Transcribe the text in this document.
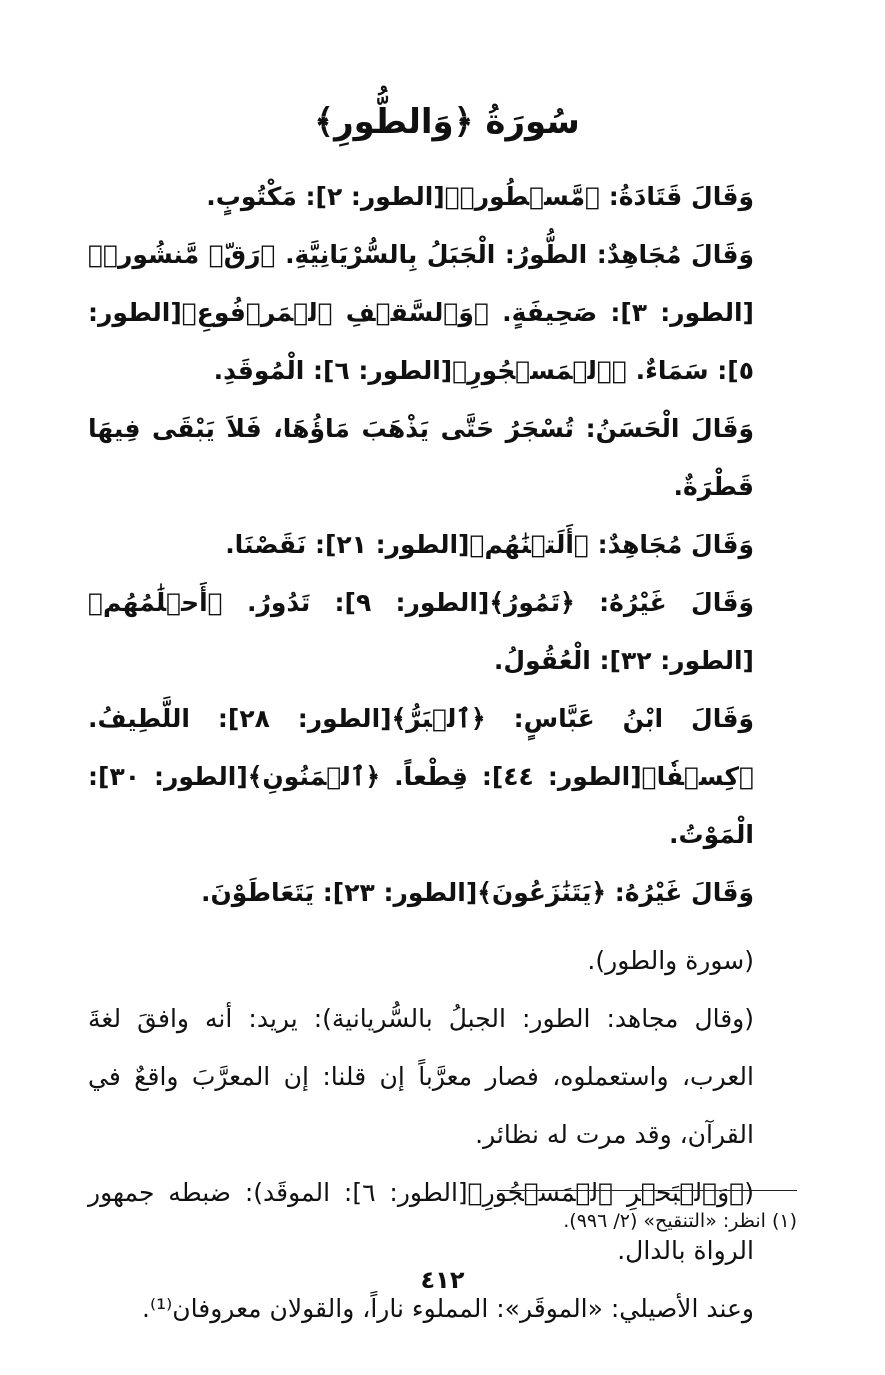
سُورَةُ ﴿وَالطُّورِ﴾

وَقَالَ قَتَادَةُ: ﴿مَّسۡطُورٖ﴾[الطور: ٢]: مَكْتُوبٍ.

وَقَالَ مُجَاهِدٌ: الطُّورُ: الْجَبَلُ بِالسُّرْيَانِيَّةِ. ﴿رَقّٖ مَّنشُورٖ﴾[الطور: ٣]: صَحِيفَةٍ. ﴿وَٱلسَّقۡفِ ٱلۡمَرۡفُوعِ﴾[الطور: ٥]: سَمَاءٌ. ﴿ٱلۡمَسۡجُورِ﴾[الطور: ٦]: الْمُوقَدِ.

وَقَالَ الْحَسَنُ: تُسْجَرُ حَتَّى يَذْهَبَ مَاؤُهَا، فَلاَ يَبْقَى فِيهَا قَطْرَةٌ.

وَقَالَ مُجَاهِدٌ: ﴿أَلَتۡنَٰهُم﴾[الطور: ٢١]: نَقَصْنَا.

وَقَالَ غَيْرُهُ: ﴿تَمُورُ﴾[الطور: ٩]: تَدُورُ. ﴿أَحۡلَٰمُهُم﴾[الطور: ٣٢]: الْعُقُولُ.

وَقَالَ ابْنُ عَبَّاسٍ: ﴿ٱلۡبَرُّ﴾[الطور: ٢٨]: اللَّطِيفُ. ﴿كِسۡفٗا﴾[الطور: ٤٤]: قِطْعاً. ﴿ٱلۡمَنُونِ﴾[الطور: ٣٠]: الْمَوْتُ.

وَقَالَ غَيْرُهُ: ﴿يَتَنَٰزَعُونَ﴾[الطور: ٢٣]: يَتَعَاطَوْنَ.

(سورة والطور).

(وقال مجاهد: الطور: الجبلُ بالسُّريانية): يريد: أنه وافقَ لغةَ العرب، واستعملوه، فصار معرَّباً إن قلنا: إن المعرَّبَ واقعٌ في القرآن، وقد مرت له نظائر.

(﴿وَٱلۡبَحۡرِ ٱلۡمَسۡجُورِ﴾[الطور: ٦]: الموقَد): ضبطه جمهور الرواة بالدال.

وعند الأصيلي: «الموقَر»: المملوء ناراً، والقولان معروفان⁽¹⁾.

(١) انظر: «التنقيح» (٢/ ٩٩٦).
٤١٢
